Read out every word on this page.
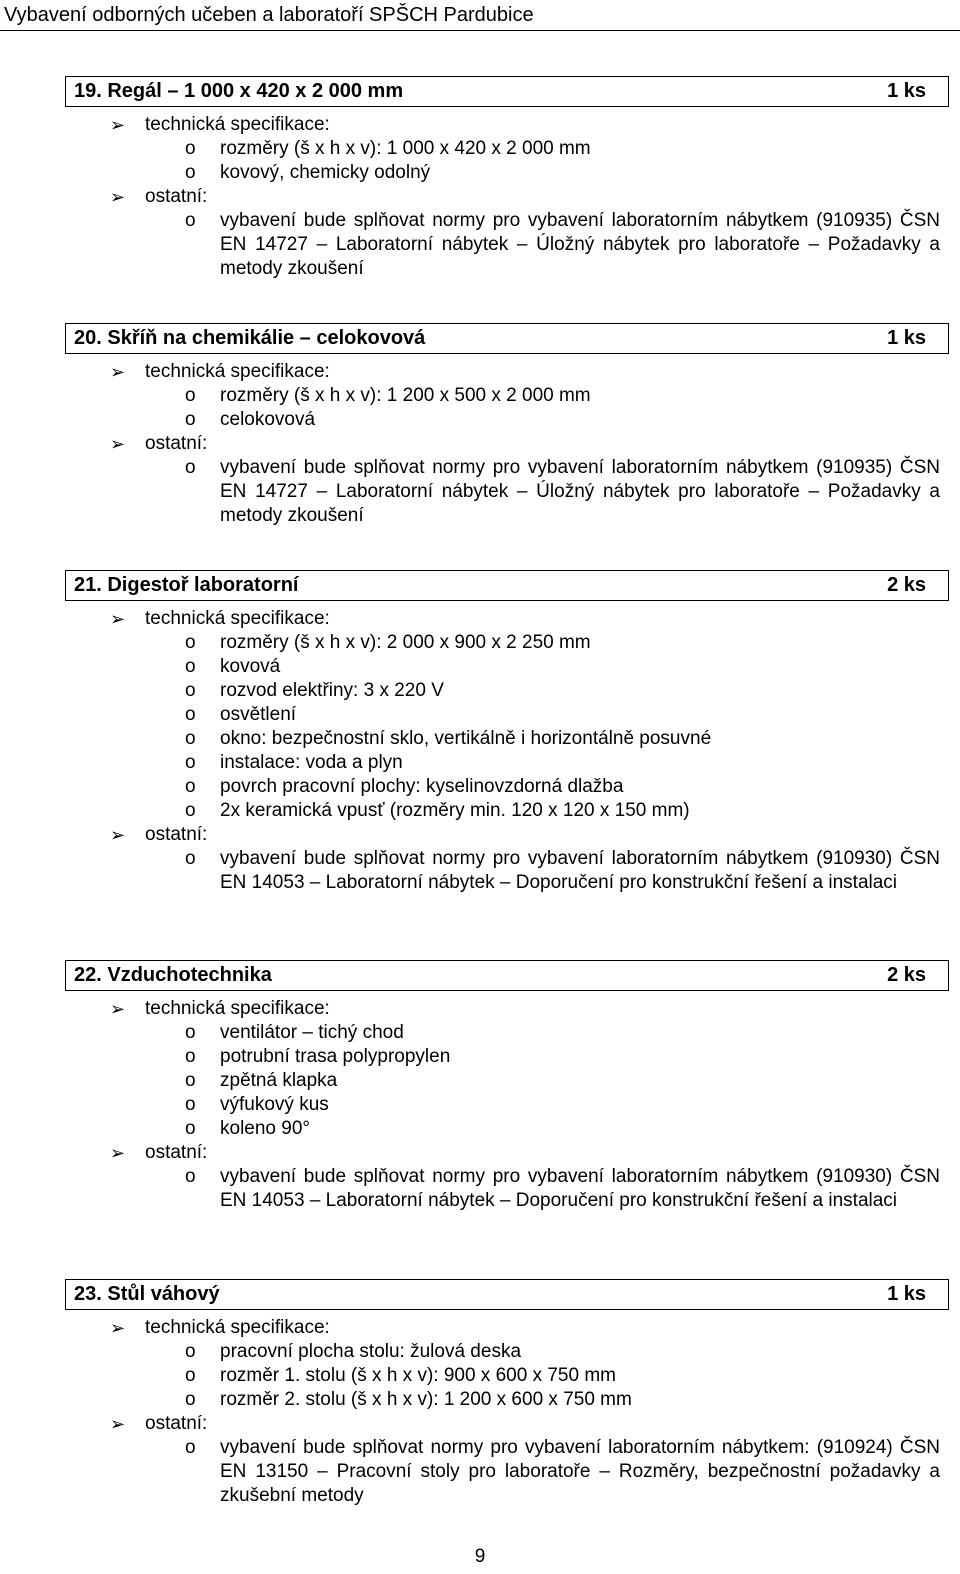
Vybavení odborných učeben a laboratoří SPŠCH Pardubice
19. Regál – 1 000 x 420 x 2 000 mm	1 ks
➢ technická specifikace:
o rozměry (š x h x v): 1 000 x 420 x 2 000 mm
o kovový, chemicky odolný
➢ ostatní:
o vybavení bude splňovat normy pro vybavení laboratorním nábytkem (910935) ČSN EN 14727 – Laboratorní nábytek – Úložný nábytek pro laboratoře – Požadavky a metody zkoušení
20. Skříň na chemikálie – celokovová	1 ks
➢ technická specifikace:
o rozměry (š x h x v): 1 200 x 500 x 2 000 mm
o celokovová
➢ ostatní:
o vybavení bude splňovat normy pro vybavení laboratorním nábytkem (910935) ČSN EN 14727 – Laboratorní nábytek – Úložný nábytek pro laboratoře – Požadavky a metody zkoušení
21. Digestoř laboratorní	2 ks
➢ technická specifikace:
o rozměry (š x h x v): 2 000 x 900 x 2 250 mm
o kovová
o rozvod elektřiny: 3 x 220 V
o osvětlení
o okno: bezpečnostní sklo, vertikálně i horizontálně posuvné
o instalace: voda a plyn
o povrch pracovní plochy: kyselinovzdorná dlažba
o 2x keramická vpusť (rozměry min. 120 x 120 x 150 mm)
➢ ostatní:
o vybavení bude splňovat normy pro vybavení laboratorním nábytkem (910930) ČSN EN 14053 – Laboratorní nábytek – Doporučení pro konstrukční řešení a instalaci
22. Vzduchotechnika	2 ks
➢ technická specifikace:
o ventilátor – tichý chod
o potrubní trasa polypropylen
o zpětná klapka
o výfukový kus
o koleno 90°
➢ ostatní:
o vybavení bude splňovat normy pro vybavení laboratorním nábytkem (910930) ČSN EN 14053 – Laboratorní nábytek – Doporučení pro konstrukční řešení a instalaci
23. Stůl váhový	1 ks
➢ technická specifikace:
o pracovní plocha stolu: žulová deska
o rozměr 1. stolu (š x h x v): 900 x 600 x 750 mm
o rozměr 2. stolu (š x h x v): 1 200 x 600 x 750 mm
➢ ostatní:
o vybavení bude splňovat normy pro vybavení laboratorním nábytkem: (910924) ČSN EN 13150 – Pracovní stoly pro laboratoře – Rozměry, bezpečnostní požadavky a zkušební metody
9
